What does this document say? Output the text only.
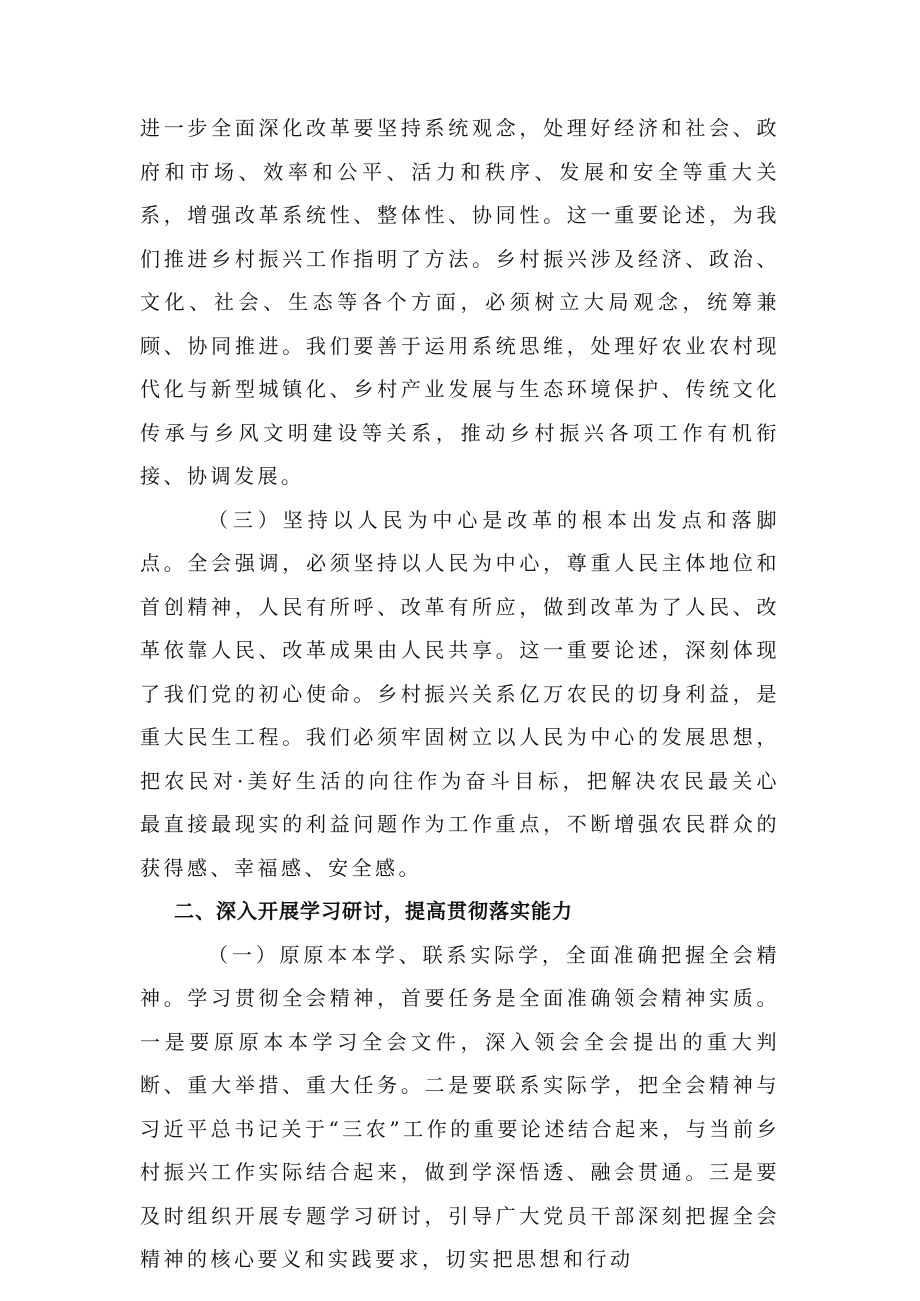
进一步全面深化改革要坚持系统观念，处理好经济和社会、政府和市场、效率和公平、活力和秩序、发展和安全等重大关系，增强改革系统性、整体性、协同性。这一重要论述，为我们推进乡村振兴工作指明了方法。乡村振兴涉及经济、政治、文化、社会、生态等各个方面，必须树立大局观念，统筹兼顾、协同推进。我们要善于运用系统思维，处理好农业农村现代化与新型城镇化、乡村产业发展与生态环境保护、传统文化传承与乡风文明建设等关系，推动乡村振兴各项工作有机衔接、协调发展。

（三）坚持以人民为中心是改革的根本出发点和落脚点。全会强调，必须坚持以人民为中心，尊重人民主体地位和首创精神，人民有所呼、改革有所应，做到改革为了人民、改革依靠人民、改革成果由人民共享。这一重要论述，深刻体现了我们党的初心使命。乡村振兴关系亿万农民的切身利益，是重大民生工程。我们必须牢固树立以人民为中心的发展思想，把农民对·美好生活的向往作为奋斗目标，把解决农民最关心最直接最现实的利益问题作为工作重点，不断增强农民群众的获得感、幸福感、安全感。

二、深入开展学习研讨，提高贯彻落实能力

（一）原原本本学、联系实际学，全面准确把握全会精神。学习贯彻全会精神，首要任务是全面准确领会精神实质。一是要原原本本学习全会文件，深入领会全会提出的重大判断、重大举措、重大任务。二是要联系实际学，把全会精神与习近平总书记关于“三农”工作的重要论述结合起来，与当前乡村振兴工作实际结合起来，做到学深悟透、融会贯通。三是要及时组织开展专题学习研讨，引导广大党员干部深刻把握全会精神的核心要义和实践要求，切实把思想和行动
